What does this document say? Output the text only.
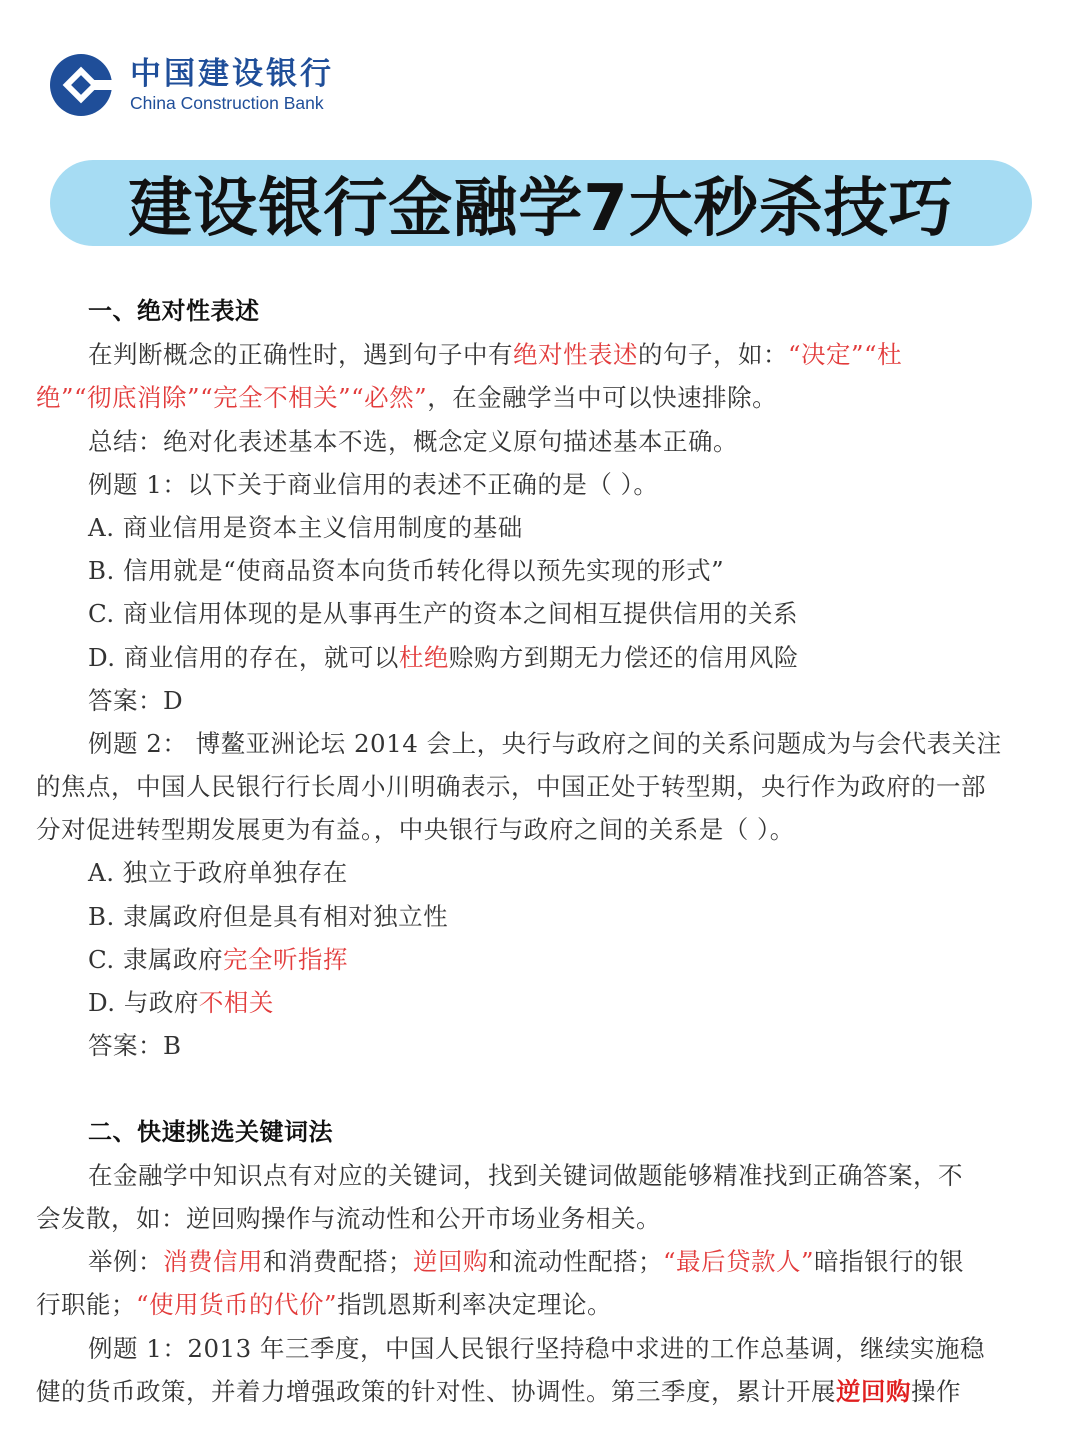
中国建设银行
China Construction Bank
建设银行金融学7大秒杀技巧
一、绝对性表述
在判断概念的正确性时，遇到句子中有绝对性表述的句子，如：“决定”“杜
绝”“彻底消除”“完全不相关”“必然”，在金融学当中可以快速排除。
总结：绝对化表述基本不选，概念定义原句描述基本正确。
例题 1：以下关于商业信用的表述不正确的是（ ）。
A. 商业信用是资本主义信用制度的基础
B. 信用就是“使商品资本向货币转化得以预先实现的形式”
C. 商业信用体现的是从事再生产的资本之间相互提供信用的关系
D. 商业信用的存在，就可以杜绝赊购方到期无力偿还的信用风险
答案：D
例题 2： 博鳌亚洲论坛 2014 会上，央行与政府之间的关系问题成为与会代表关注
的焦点，中国人民银行行长周小川明确表示，中国正处于转型期，央行作为政府的一部
分对促进转型期发展更为有益。，中央银行与政府之间的关系是（ ）。
A. 独立于政府单独存在
B. 隶属政府但是具有相对独立性
C. 隶属政府完全听指挥
D. 与政府不相关
答案：B
二、快速挑选关键词法
在金融学中知识点有对应的关键词，找到关键词做题能够精准找到正确答案，不
会发散，如：逆回购操作与流动性和公开市场业务相关。
举例：消费信用和消费配搭；逆回购和流动性配搭；“最后贷款人”暗指银行的银
行职能；“使用货币的代价”指凯恩斯利率决定理论。
例题 1：2013 年三季度，中国人民银行坚持稳中求进的工作总基调，继续实施稳
健的货币政策，并着力增强政策的针对性、协调性。第三季度，累计开展逆回购操作
